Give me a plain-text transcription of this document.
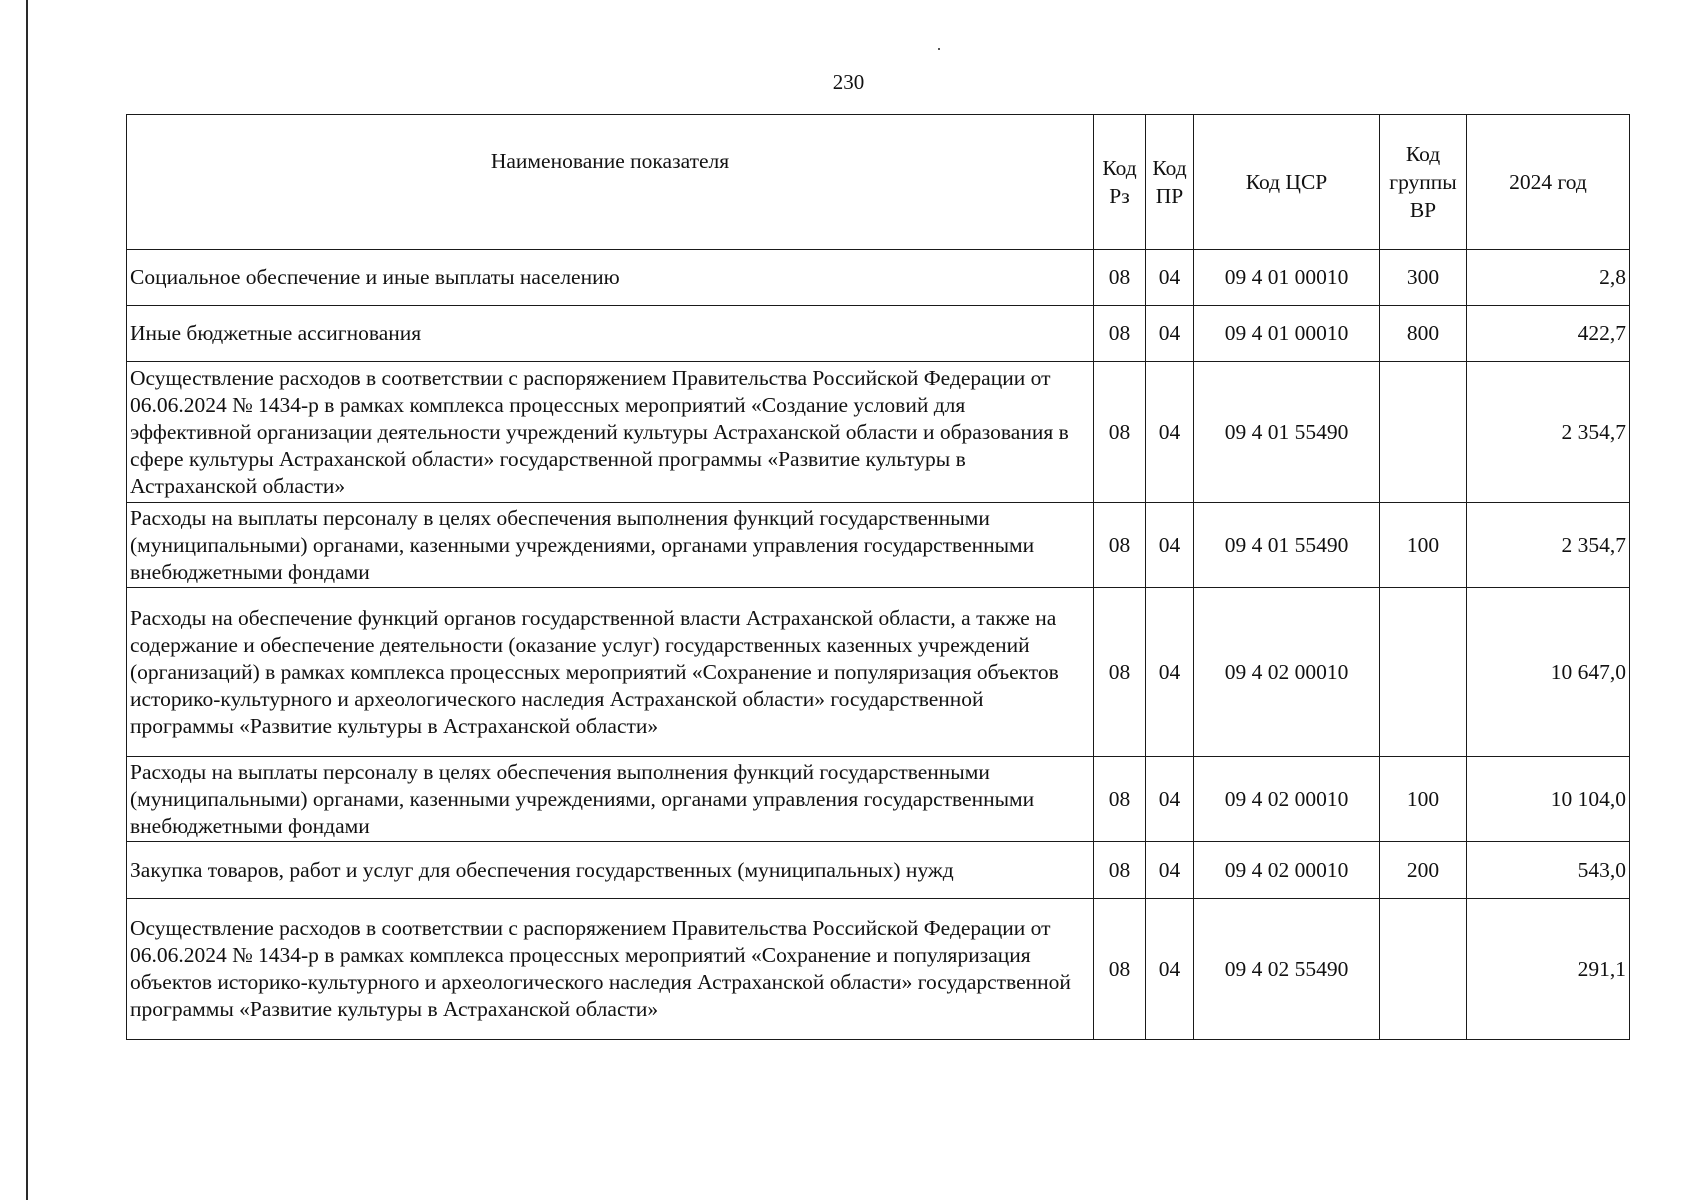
230
Наименование показателя	Код Рз	Код ПР	Код ЦСР	Код группы ВР	2024 год
Социальное обеспечение и иные выплаты населению	08	04	09 4 01 00010	300	2,8
Иные бюджетные ассигнования	08	04	09 4 01 00010	800	422,7
Осуществление расходов в соответствии с распоряжением Правительства Российской Федерации от 06.06.2024 № 1434-р в рамках комплекса процессных мероприятий «Создание условий для эффективной организации деятельности учреждений культуры Астраханской области и образования в сфере культуры Астраханской области» государственной программы «Развитие культуры в Астраханской области»	08	04	09 4 01 55490		2 354,7
Расходы на выплаты персоналу в целях обеспечения выполнения функций государственными (муниципальными) органами, казенными учреждениями, органами управления государственными внебюджетными фондами	08	04	09 4 01 55490	100	2 354,7
Расходы на обеспечение функций органов государственной власти Астраханской области, а также на содержание и обеспечение деятельности (оказание услуг) государственных казенных учреждений (организаций) в рамках комплекса процессных мероприятий «Сохранение и популяризация объектов историко-культурного и археологического наследия Астраханской области» государственной программы «Развитие культуры в Астраханской области»	08	04	09 4 02 00010		10 647,0
Расходы на выплаты персоналу в целях обеспечения выполнения функций государственными (муниципальными) органами, казенными учреждениями, органами управления государственными внебюджетными фондами	08	04	09 4 02 00010	100	10 104,0
Закупка товаров, работ и услуг для обеспечения государственных (муниципальных) нужд	08	04	09 4 02 00010	200	543,0
Осуществление расходов в соответствии с распоряжением Правительства Российской Федерации от 06.06.2024 № 1434-р в рамках комплекса процессных мероприятий «Сохранение и популяризация объектов историко-культурного и археологического наследия Астраханской области» государственной программы «Развитие культуры в Астраханской области»	08	04	09 4 02 55490		291,1
